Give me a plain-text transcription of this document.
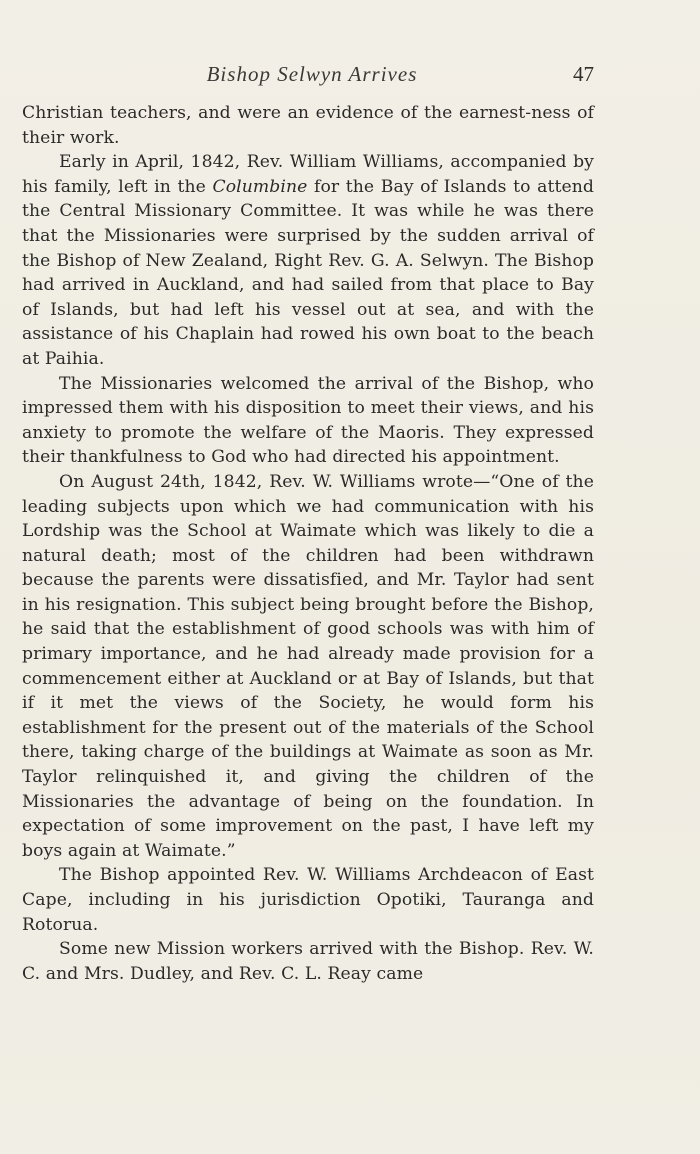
Bishop Selwyn Arrives	47

Christian teachers, and were an evidence of the earnest-ness of their work.

Early in April, 1842, Rev. William Williams, accompanied by his family, left in the Columbine for the Bay of Islands to attend the Central Missionary Committee. It was while he was there that the Missionaries were surprised by the sudden arrival of the Bishop of New Zealand, Right Rev. G. A. Selwyn. The Bishop had arrived in Auckland, and had sailed from that place to Bay of Islands, but had left his vessel out at sea, and with the assistance of his Chaplain had rowed his own boat to the beach at Paihia.

The Missionaries welcomed the arrival of the Bishop, who impressed them with his disposition to meet their views, and his anxiety to promote the welfare of the Maoris. They expressed their thankfulness to God who had directed his appointment.

On August 24th, 1842, Rev. W. Williams wrote—“One of the leading subjects upon which we had communication with his Lordship was the School at Waimate which was likely to die a natural death; most of the children had been withdrawn because the parents were dissatisfied, and Mr. Taylor had sent in his resignation. This subject being brought before the Bishop, he said that the establishment of good schools was with him of primary importance, and he had already made provision for a commencement either at Auckland or at Bay of Islands, but that if it met the views of the Society, he would form his establishment for the present out of the materials of the School there, taking charge of the buildings at Waimate as soon as Mr. Taylor relinquished it, and giving the children of the Missionaries the advantage of being on the foundation. In expectation of some improvement on the past, I have left my boys again at Waimate.”

The Bishop appointed Rev. W. Williams Archdeacon of East Cape, including in his jurisdiction Opotiki, Tauranga and Rotorua.

Some new Mission workers arrived with the Bishop. Rev. W. C. and Mrs. Dudley, and Rev. C. L. Reay came
